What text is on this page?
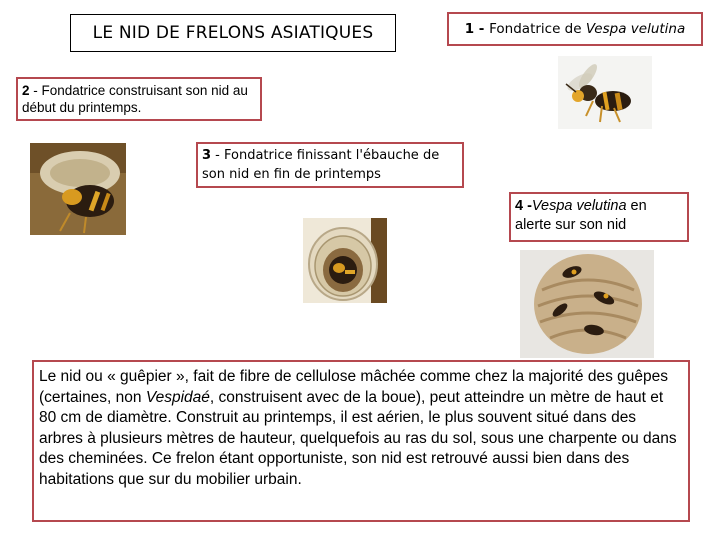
LE NID DE FRELONS ASIATIQUES	1 - Fondatrice de Vespa velutina
2 - Fondatrice construisant son nid au début du printemps.
3 - Fondatrice finissant l'ébauche de son nid en fin de printemps
4 -Vespa velutina en alerte sur son nid
Le nid ou « guêpier », fait de fibre de cellulose mâchée comme chez la majorité des guêpes (certaines, non Vespidaé, construisent avec de la boue), peut atteindre un mètre de haut et 80 cm de diamètre. Construit au printemps, il est aérien, le plus souvent situé dans des arbres à plusieurs mètres de hauteur, quelquefois au ras du sol, sous une charpente ou dans des cheminées. Ce frelon étant opportuniste, son nid est retrouvé aussi bien dans des habitations que sur du mobilier urbain.
